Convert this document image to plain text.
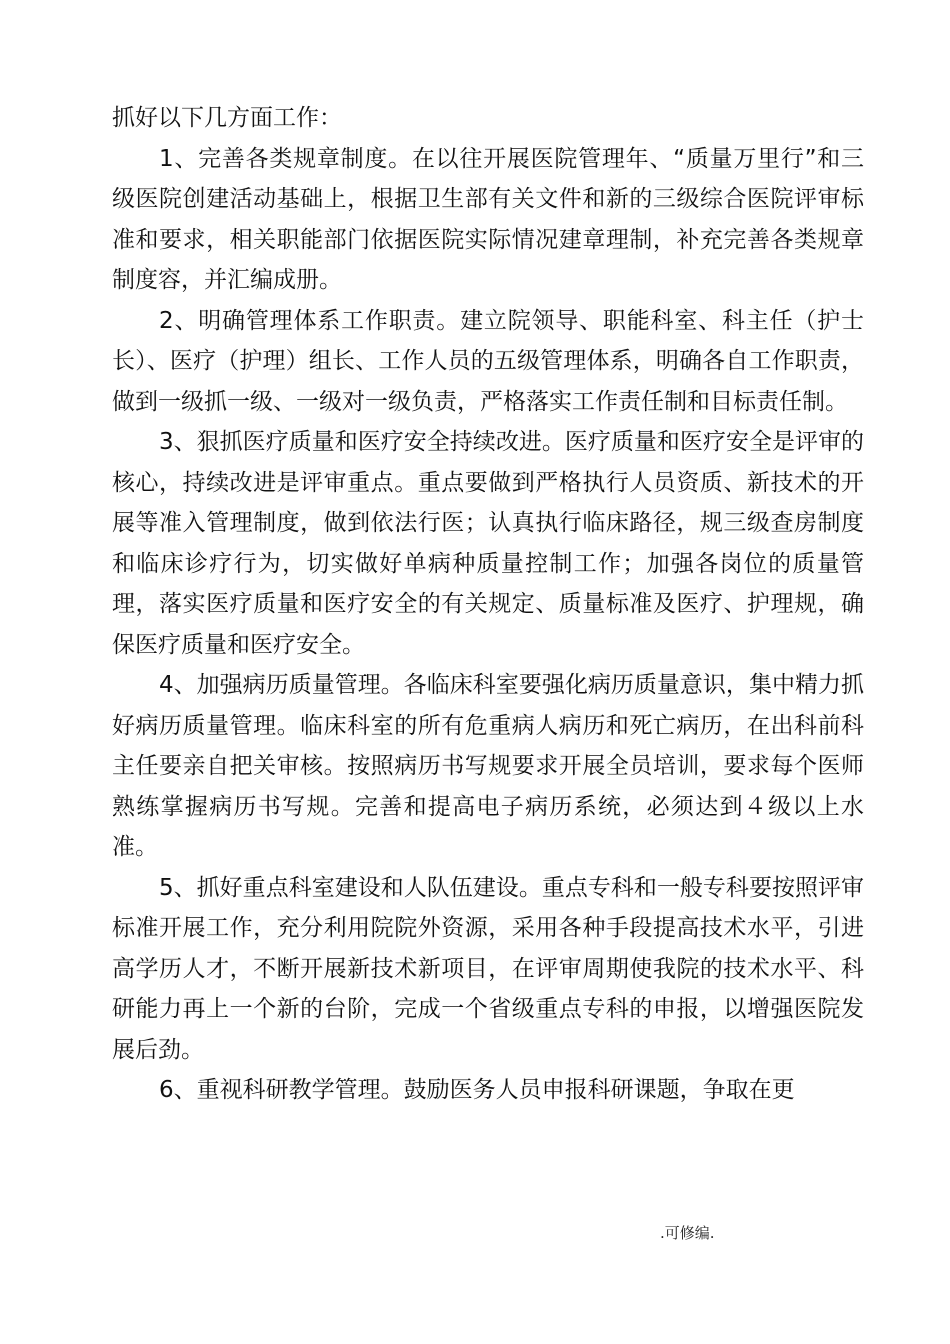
抓好以下几方面工作：

1、完善各类规章制度。在以往开展医院管理年、“质量万里行”和三级医院创建活动基础上，根据卫生部有关文件和新的三级综合医院评审标准和要求，相关职能部门依据医院实际情况建章理制，补充完善各类规章制度容，并汇编成册。

2、明确管理体系工作职责。建立院领导、职能科室、科主任（护士长）、医疗（护理）组长、工作人员的五级管理体系，明确各自工作职责，做到一级抓一级、一级对一级负责，严格落实工作责任制和目标责任制。

3、狠抓医疗质量和医疗安全持续改进。医疗质量和医疗安全是评审的核心，持续改进是评审重点。重点要做到严格执行人员资质、新技术的开展等准入管理制度，做到依法行医；认真执行临床路径，规三级查房制度和临床诊疗行为，切实做好单病种质量控制工作；加强各岗位的质量管理，落实医疗质量和医疗安全的有关规定、质量标准及医疗、护理规，确保医疗质量和医疗安全。

4、加强病历质量管理。各临床科室要强化病历质量意识，集中精力抓好病历质量管理。临床科室的所有危重病人病历和死亡病历，在出科前科主任要亲自把关审核。按照病历书写规要求开展全员培训，要求每个医师熟练掌握病历书写规。完善和提高电子病历系统，必须达到４级以上水准。

5、抓好重点科室建设和人队伍建设。重点专科和一般专科要按照评审标准开展工作，充分利用院院外资源，采用各种手段提高技术水平，引进高学历人才，不断开展新技术新项目，在评审周期使我院的技术水平、科研能力再上一个新的台阶，完成一个省级重点专科的申报，以增强医院发展后劲。

6、重视科研教学管理。鼓励医务人员申报科研课题，争取在更

.可修编.
